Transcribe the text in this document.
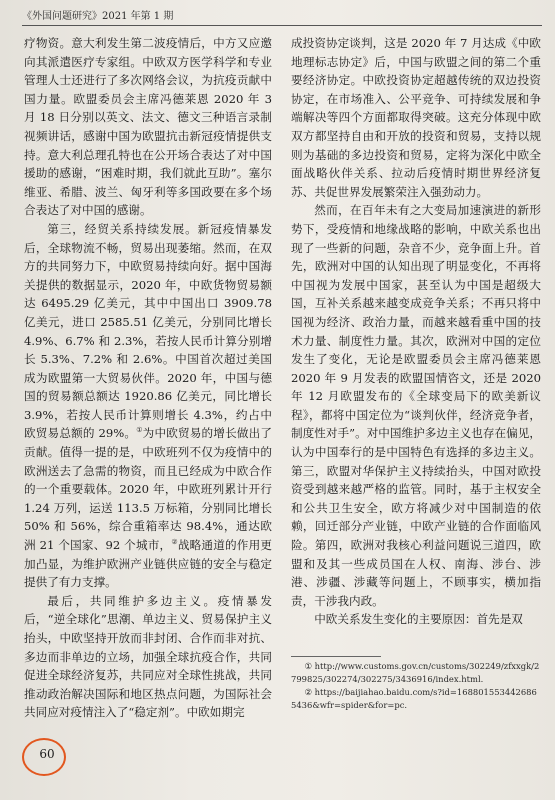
《外国问题研究》2021 年第 1 期

疗物资。意大利发生第二波疫情后，中方又应邀向其派遣医疗专家组。中欧双方医学科学和专业管理人士还进行了多次网络会议，为抗疫贡献中国力量。欧盟委员会主席冯德莱恩 2020 年 3 月 18 日分别以英文、法文、德文三种语言录制视频讲话，感谢中国为欧盟抗击新冠疫情提供支持。意大利总理孔特也在公开场合表达了对中国援助的感谢，“困难时期，我们就此互助”。塞尔维亚、希腊、波兰、匈牙利等多国政要在多个场合表达了对中国的感谢。

第三，经贸关系持续发展。新冠疫情暴发后，全球物流不畅，贸易出现萎缩。然而，在双方的共同努力下，中欧贸易持续向好。据中国海关提供的数据显示，2020 年，中欧货物贸易额达 6495.29 亿美元，其中中国出口 3909.78 亿美元，进口 2585.51 亿美元，分别同比增长 4.9%、6.7% 和 2.3%，若按人民币计算分别增长 5.3%、7.2% 和 2.6%。中国首次超过美国成为欧盟第一大贸易伙伴。2020 年，中国与德国的贸易额总额达 1920.86 亿美元，同比增长 3.9%，若按人民币计算则增长 4.3%，约占中欧贸易总额的 29%。①为中欧贸易的增长做出了贡献。值得一提的是，中欧班列不仅为疫情中的欧洲送去了急需的物资，而且已经成为中欧合作的一个重要载体。2020 年，中欧班列累计开行 1.24 万列，运送 113.5 万标箱，分别同比增长 50% 和 56%，综合重箱率达 98.4%，通达欧洲 21 个国家、92 个城市，②战略通道的作用更加凸显，为维护欧洲产业链供应链的安全与稳定提供了有力支撑。

最后，共同维护多边主义。疫情暴发后，“逆全球化”思潮、单边主义、贸易保护主义抬头，中欧坚持开放而非封闭、合作而非对抗、多边而非单边的立场，加强全球抗疫合作，共同促进全球经济复苏，共同应对全球性挑战，共同推动政治解决国际和地区热点问题，为国际社会共同应对疫情注入了“稳定剂”。中欧如期完

成投资协定谈判，这是 2020 年 7 月达成《中欧地理标志协定》后，中国与欧盟之间的第二个重要经济协定。中欧投资协定超越传统的双边投资协定，在市场准入、公平竞争、可持续发展和争端解决等四个方面都取得突破。这充分体现中欧双方都坚持自由和开放的投资和贸易，支持以规则为基础的多边投资和贸易，定将为深化中欧全面战略伙伴关系、拉动后疫情时期世界经济复苏、共促世界发展繁荣注入强劲动力。

然而，在百年未有之大变局加速演进的新形势下，受疫情和地缘战略的影响，中欧关系也出现了一些新的问题，杂音不少，竞争面上升。首先，欧洲对中国的认知出现了明显变化，不再将中国视为发展中国家，甚至认为中国是超级大国，互补关系越来越变成竞争关系；不再只将中国视为经济、政治力量，而越来越看重中国的技术力量、制度性力量。其次，欧洲对中国的定位发生了变化，无论是欧盟委员会主席冯德莱恩 2020 年 9 月发表的欧盟国情咨文，还是 2020 年 12 月欧盟发布的《全球变局下的欧美新议程》，都将中国定位为“谈判伙伴，经济竞争者，制度性对手”。对中国维护多边主义也存在偏见，认为中国奉行的是中国特色有选择的多边主义。第三，欧盟对华保护主义持续抬头，中国对欧投资受到越来越严格的监管。同时，基于主权安全和公共卫生安全，欧方将减少对中国制造的依赖，回迁部分产业链，中欧产业链的合作面临风险。第四，欧洲对我核心利益问题说三道四，欧盟和及其一些成员国在人权、南海、涉台、涉港、涉疆、涉藏等问题上，不顾事实，横加指责，干涉我内政。

中欧关系发生变化的主要原因：首先是双

① http://www.customs.gov.cn/customs/302249/zfxxgk/2799825/302274/302275/3436916/index.html.

② https://baijiahao.baidu.com/s?id=1688015534426865436&wfr=spider&for=pc.

60
